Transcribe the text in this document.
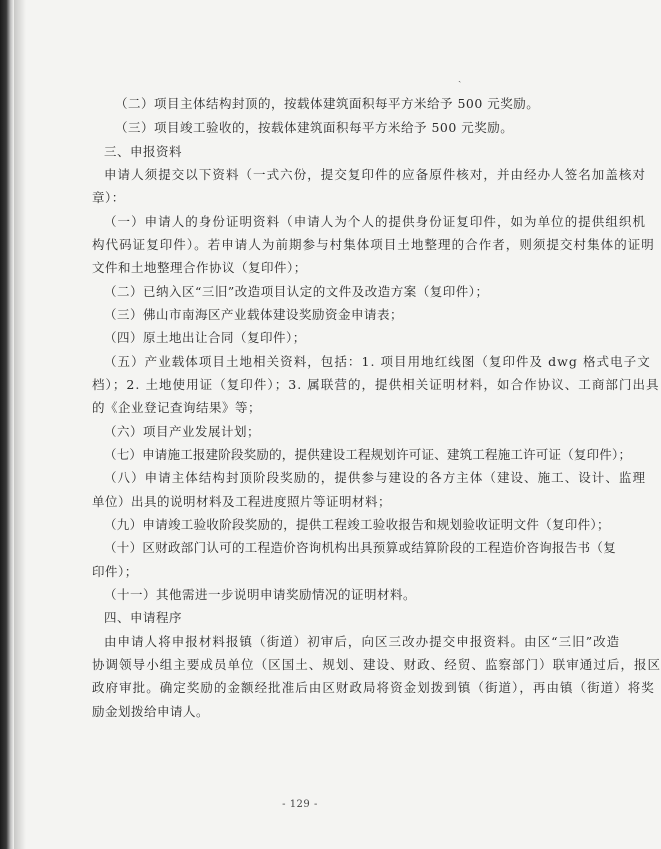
ˏ
（二）项目主体结构封顶的，按载体建筑面积每平方米给予 500 元奖励。
（三）项目竣工验收的，按载体建筑面积每平方米给予 500 元奖励。
三、申报资料
申请人须提交以下资料（一式六份，提交复印件的应备原件核对，并由经办人签名加盖核对
章）：
（一）申请人的身份证明资料（申请人为个人的提供身份证复印件，如为单位的提供组织机
构代码证复印件）。若申请人为前期参与村集体项目土地整理的合作者，则须提交村集体的证明
文件和土地整理合作协议（复印件）；
（二）已纳入区“三旧”改造项目认定的文件及改造方案（复印件）；
（三）佛山市南海区产业载体建设奖励资金申请表；
（四）原土地出让合同（复印件）；
（五）产业载体项目土地相关资料，包括：1. 项目用地红线图（复印件及 dwg 格式电子文
档）；2. 土地使用证（复印件）；3. 属联营的，提供相关证明材料，如合作协议、工商部门出具
的《企业登记查询结果》等；
（六）项目产业发展计划；
（七）申请施工报建阶段奖励的，提供建设工程规划许可证、建筑工程施工许可证（复印件）；
（八）申请主体结构封顶阶段奖励的，提供参与建设的各方主体（建设、施工、设计、监理
单位）出具的说明材料及工程进度照片等证明材料；
（九）申请竣工验收阶段奖励的，提供工程竣工验收报告和规划验收证明文件（复印件）；
（十）区财政部门认可的工程造价咨询机构出具预算或结算阶段的工程造价咨询报告书（复
印件）；
（十一）其他需进一步说明申请奖励情况的证明材料。
四、申请程序
由申请人将申报材料报镇（街道）初审后，向区三改办提交申报资料。由区“三旧”改造
协调领导小组主要成员单位（区国土、规划、建设、财政、经贸、监察部门）联审通过后，报区
政府审批。确定奖励的金额经批准后由区财政局将资金划拨到镇（街道），再由镇（街道）将奖
励金划拨给申请人。
- 129 -
